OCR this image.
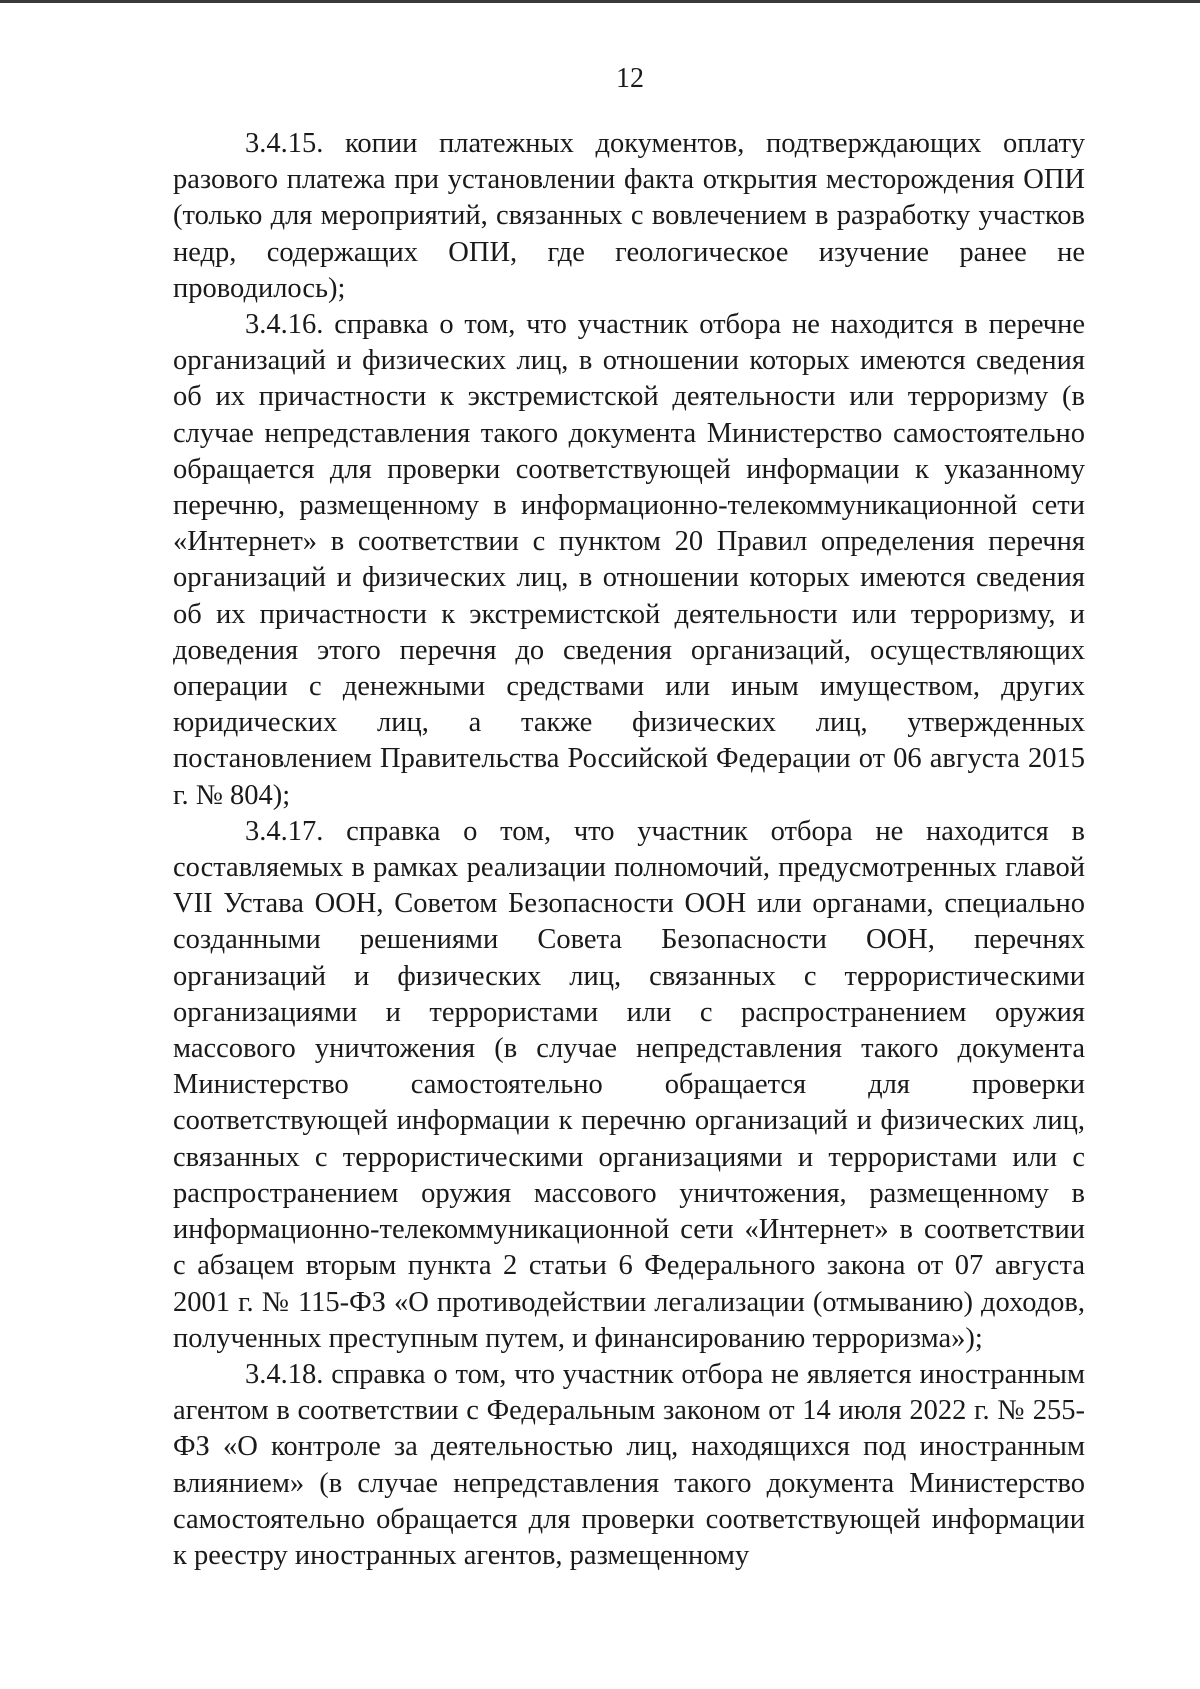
12

3.4.15. копии платежных документов, подтверждающих оплату разового платежа при установлении факта открытия месторождения ОПИ (только для мероприятий, связанных с вовлечением в разработку участков недр, содержащих ОПИ, где геологическое изучение ранее не проводилось);

3.4.16. справка о том, что участник отбора не находится в перечне организаций и физических лиц, в отношении которых имеются сведения об их причастности к экстремистской деятельности или терроризму (в случае непредставления такого документа Министерство самостоятельно обращается для проверки соответствующей информации к указанному перечню, размещенному в информационно-телекоммуникационной сети «Интернет» в соответствии с пунктом 20 Правил определения перечня организаций и физических лиц, в отношении которых имеются сведения об их причастности к экстремистской деятельности или терроризму, и доведения этого перечня до сведения организаций, осуществляющих операции с денежными средствами или иным имуществом, других юридических лиц, а также физических лиц, утвержденных постановлением Правительства Российской Федерации от 06 августа 2015 г. № 804);

3.4.17. справка о том, что участник отбора не находится в составляемых в рамках реализации полномочий, предусмотренных главой VII Устава ООН, Советом Безопасности ООН или органами, специально созданными решениями Совета Безопасности ООН, перечнях организаций и физических лиц, связанных с террористическими организациями и террористами или с распространением оружия массового уничтожения (в случае непредставления такого документа Министерство самостоятельно обращается для проверки соответствующей информации к перечню организаций и физических лиц, связанных с террористическими организациями и террористами или с распространением оружия массового уничтожения, размещенному в информационно-телекоммуникационной сети «Интернет» в соответствии с абзацем вторым пункта 2 статьи 6 Федерального закона от 07 августа 2001 г. № 115-ФЗ «О противодействии легализации (отмыванию) доходов, полученных преступным путем, и финансированию терроризма»);

3.4.18. справка о том, что участник отбора не является иностранным агентом в соответствии с Федеральным законом от 14 июля 2022 г. № 255-ФЗ «О контроле за деятельностью лиц, находящихся под иностранным влиянием» (в случае непредставления такого документа Министерство самостоятельно обращается для проверки соответствующей информации к реестру иностранных агентов, размещенному
